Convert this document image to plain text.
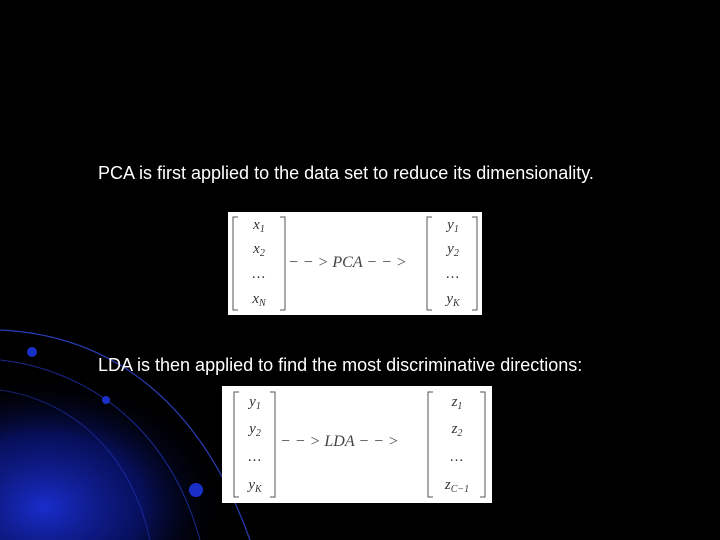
PCA is first applied to the data set to reduce its dimensionality.
$x_1$
$x_2$
...
$x_N$
− − > PCA − − >
$y_1$
$y_2$
...
$y_K$
LDA is then applied to find the most discriminative directions:
$y_1$
$y_2$
...
$y_K$
− − > LDA − − >
$z_1$
$z_2$
...
$z_{C-1}$
